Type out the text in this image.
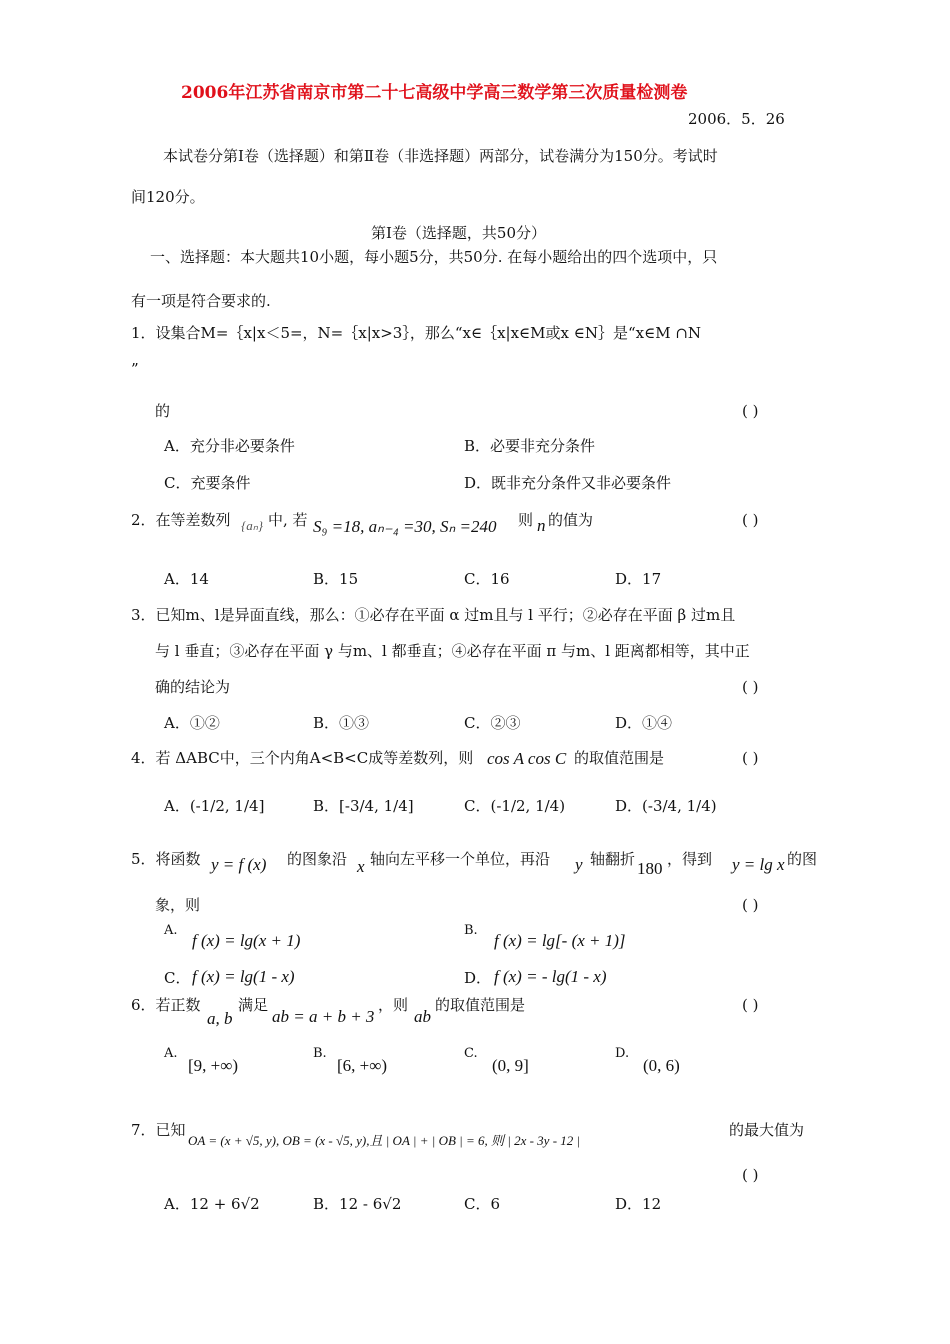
2006年江苏省南京市第二十七高级中学高三数学第三次质量检测卷
2006．5．26
本试卷分第Ⅰ卷（选择题）和第Ⅱ卷（非选择题）两部分，试卷满分为150分。考试时
间120分。
第Ⅰ卷（选择题，共50分）
一、选择题：本大题共10小题，每小题5分，共50分. 在每小题给出的四个选项中，只
有一项是符合要求的.
1．设集合M=｛x|x＜5=，N=｛x|x>3｝，那么“x∈｛x|x∈M或x ∈N｝是“x∈M ∩N
”
的	( )
A．充分非必要条件	B．必要非充分条件
C．充要条件	D．既非充分条件又非必要条件
2．在等差数列 {aₙ} 中, 若 S₉ =18, aₙ₋₄ =30, Sₙ =240 则 n 的值为	( )
A．14	B．15	C．16	D．17
3．已知m、l是异面直线，那么：①必存在平面 α 过m且与 l 平行；②必存在平面 β 过m且
与 l 垂直；③必存在平面 γ 与m、l 都垂直；④必存在平面 π 与m、l 距离都相等，其中正
确的结论为	( )
A．①②	B．①③	C．②③	D．①④
4．若 ΔABC中，三个内角A<B<C成等差数列，则 cos A cos C 的取值范围是	( )
A．(-1/2, 1/4]	B．[-3/4, 1/4]	C．(-1/2, 1/4)	D．(-3/4, 1/4)
5．将函数 y = f (x) 的图象沿 x 轴向左平移一个单位，再沿 y 轴翻折 180 ，得到 y = lg x 的图
象，则	( )
A.
f (x) = lg(x + 1)
B.
f (x) = lg[- (x + 1)]
C． f (x) = lg(1 - x)	D． f (x) = - lg(1 - x)
6．若正数
a, b
满足
ab = a + b + 3
，则
ab
的取值范围是	( )
A.
[9, +∞)
B.
[6, +∞)
C.
(0, 9]
D.
(0, 6)
7．已知
OA = (x + √5, y), OB = (x - √5, y),且 | OA | + | OB | = 6, 则 | 2x - 3y - 12 |
的最大值为
( )
A．12 + 6√2	B．12 - 6√2	C．6	D．12
